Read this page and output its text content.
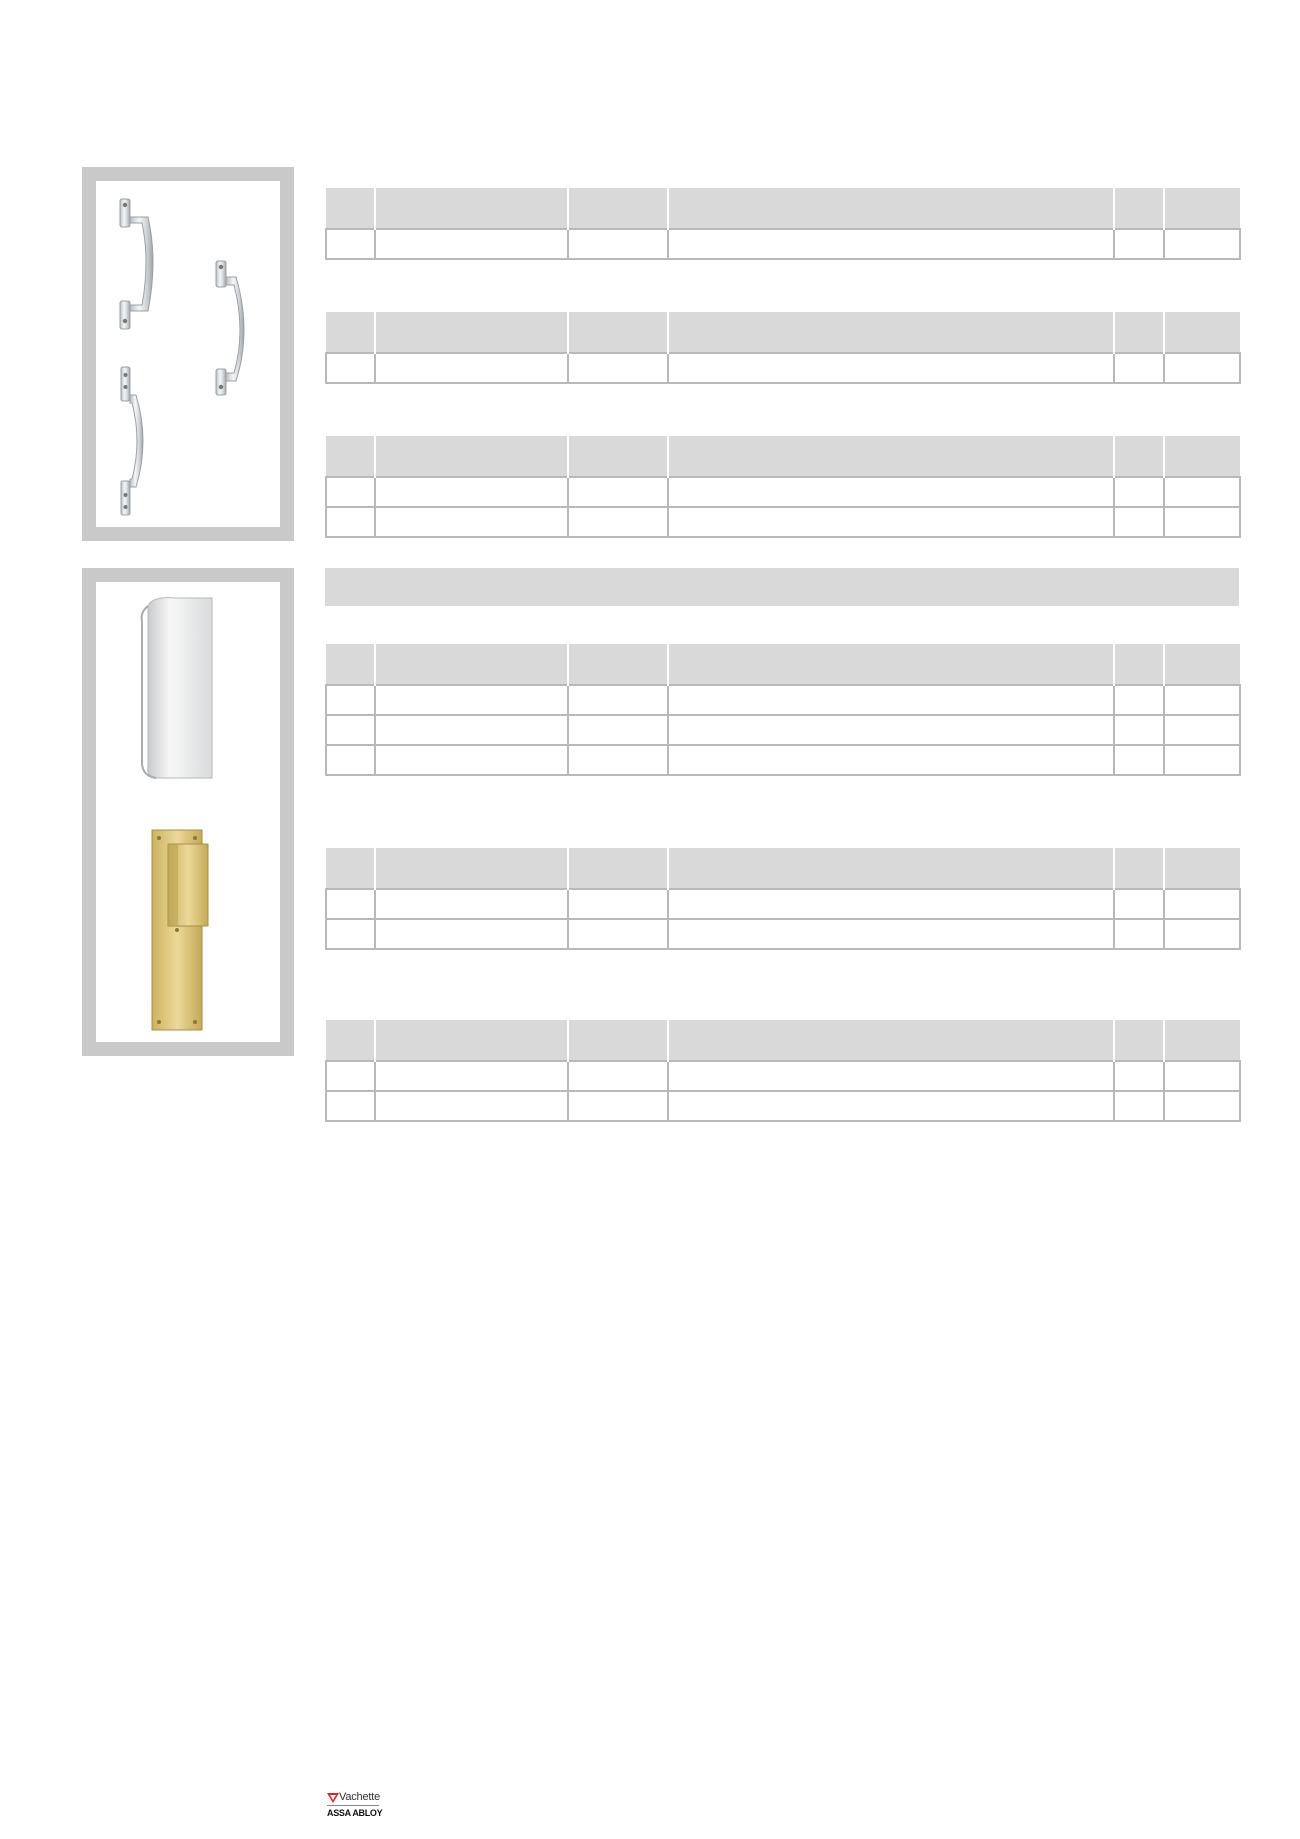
Vachette
ASSA ABLOY
